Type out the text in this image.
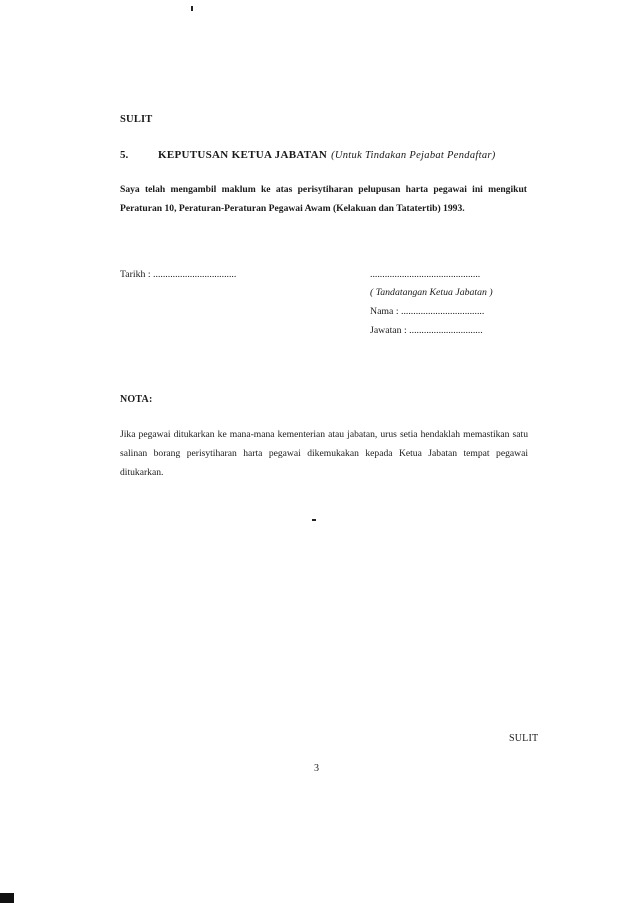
SULIT
5.	KEPUTUSAN KETUA JABATAN (Untuk Tindakan Pejabat Pendaftar)
Saya telah mengambil maklum ke atas perisytiharan pelupusan harta pegawai ini mengikut Peraturan 10, Peraturan-Peraturan Pegawai Awam (Kelakuan dan Tatatertib) 1993.
Tarikh : ..................................	.............................................
( Tandatangan Ketua Jabatan )
Nama : ..................................
Jawatan : ..............................
NOTA:
Jika pegawai ditukarkan ke mana-mana kementerian atau jabatan, urus setia hendaklah memastikan satu salinan borang perisytiharan harta pegawai dikemukakan kepada Ketua Jabatan tempat pegawai ditukarkan.
SULIT
3
